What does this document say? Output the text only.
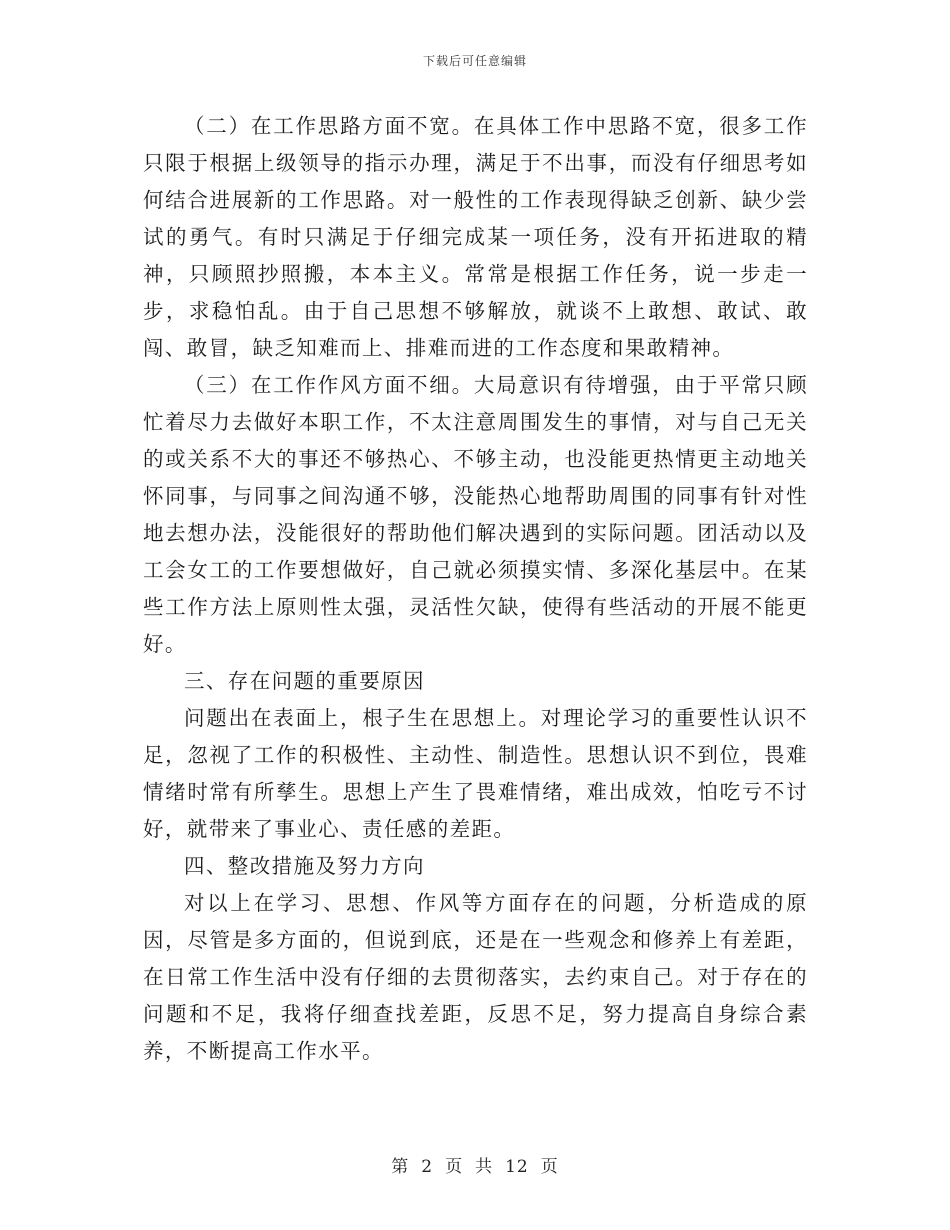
下载后可任意编辑

（二）在工作思路方面不宽。在具体工作中思路不宽，很多工作只限于根据上级领导的指示办理，满足于不出事，而没有仔细思考如何结合进展新的工作思路。对一般性的工作表现得缺乏创新、缺少尝试的勇气。有时只满足于仔细完成某一项任务，没有开拓进取的精神，只顾照抄照搬，本本主义。常常是根据工作任务，说一步走一步，求稳怕乱。由于自己思想不够解放，就谈不上敢想、敢试、敢闯、敢冒，缺乏知难而上、排难而进的工作态度和果敢精神。

（三）在工作作风方面不细。大局意识有待增强，由于平常只顾忙着尽力去做好本职工作，不太注意周围发生的事情，对与自己无关的或关系不大的事还不够热心、不够主动，也没能更热情更主动地关怀同事，与同事之间沟通不够，没能热心地帮助周围的同事有针对性地去想办法，没能很好的帮助他们解决遇到的实际问题。团活动以及工会女工的工作要想做好，自己就必须摸实情、多深化基层中。在某些工作方法上原则性太强，灵活性欠缺，使得有些活动的开展不能更好。

三、存在问题的重要原因

问题出在表面上，根子生在思想上。对理论学习的重要性认识不足，忽视了工作的积极性、主动性、制造性。思想认识不到位，畏难情绪时常有所孳生。思想上产生了畏难情绪，难出成效，怕吃亏不讨好，就带来了事业心、责任感的差距。

四、整改措施及努力方向

对以上在学习、思想、作风等方面存在的问题，分析造成的原因，尽管是多方面的，但说到底，还是在一些观念和修养上有差距，在日常工作生活中没有仔细的去贯彻落实，去约束自己。对于存在的问题和不足，我将仔细查找差距，反思不足，努力提高自身综合素养，不断提高工作水平。

第 2 页 共 12 页
